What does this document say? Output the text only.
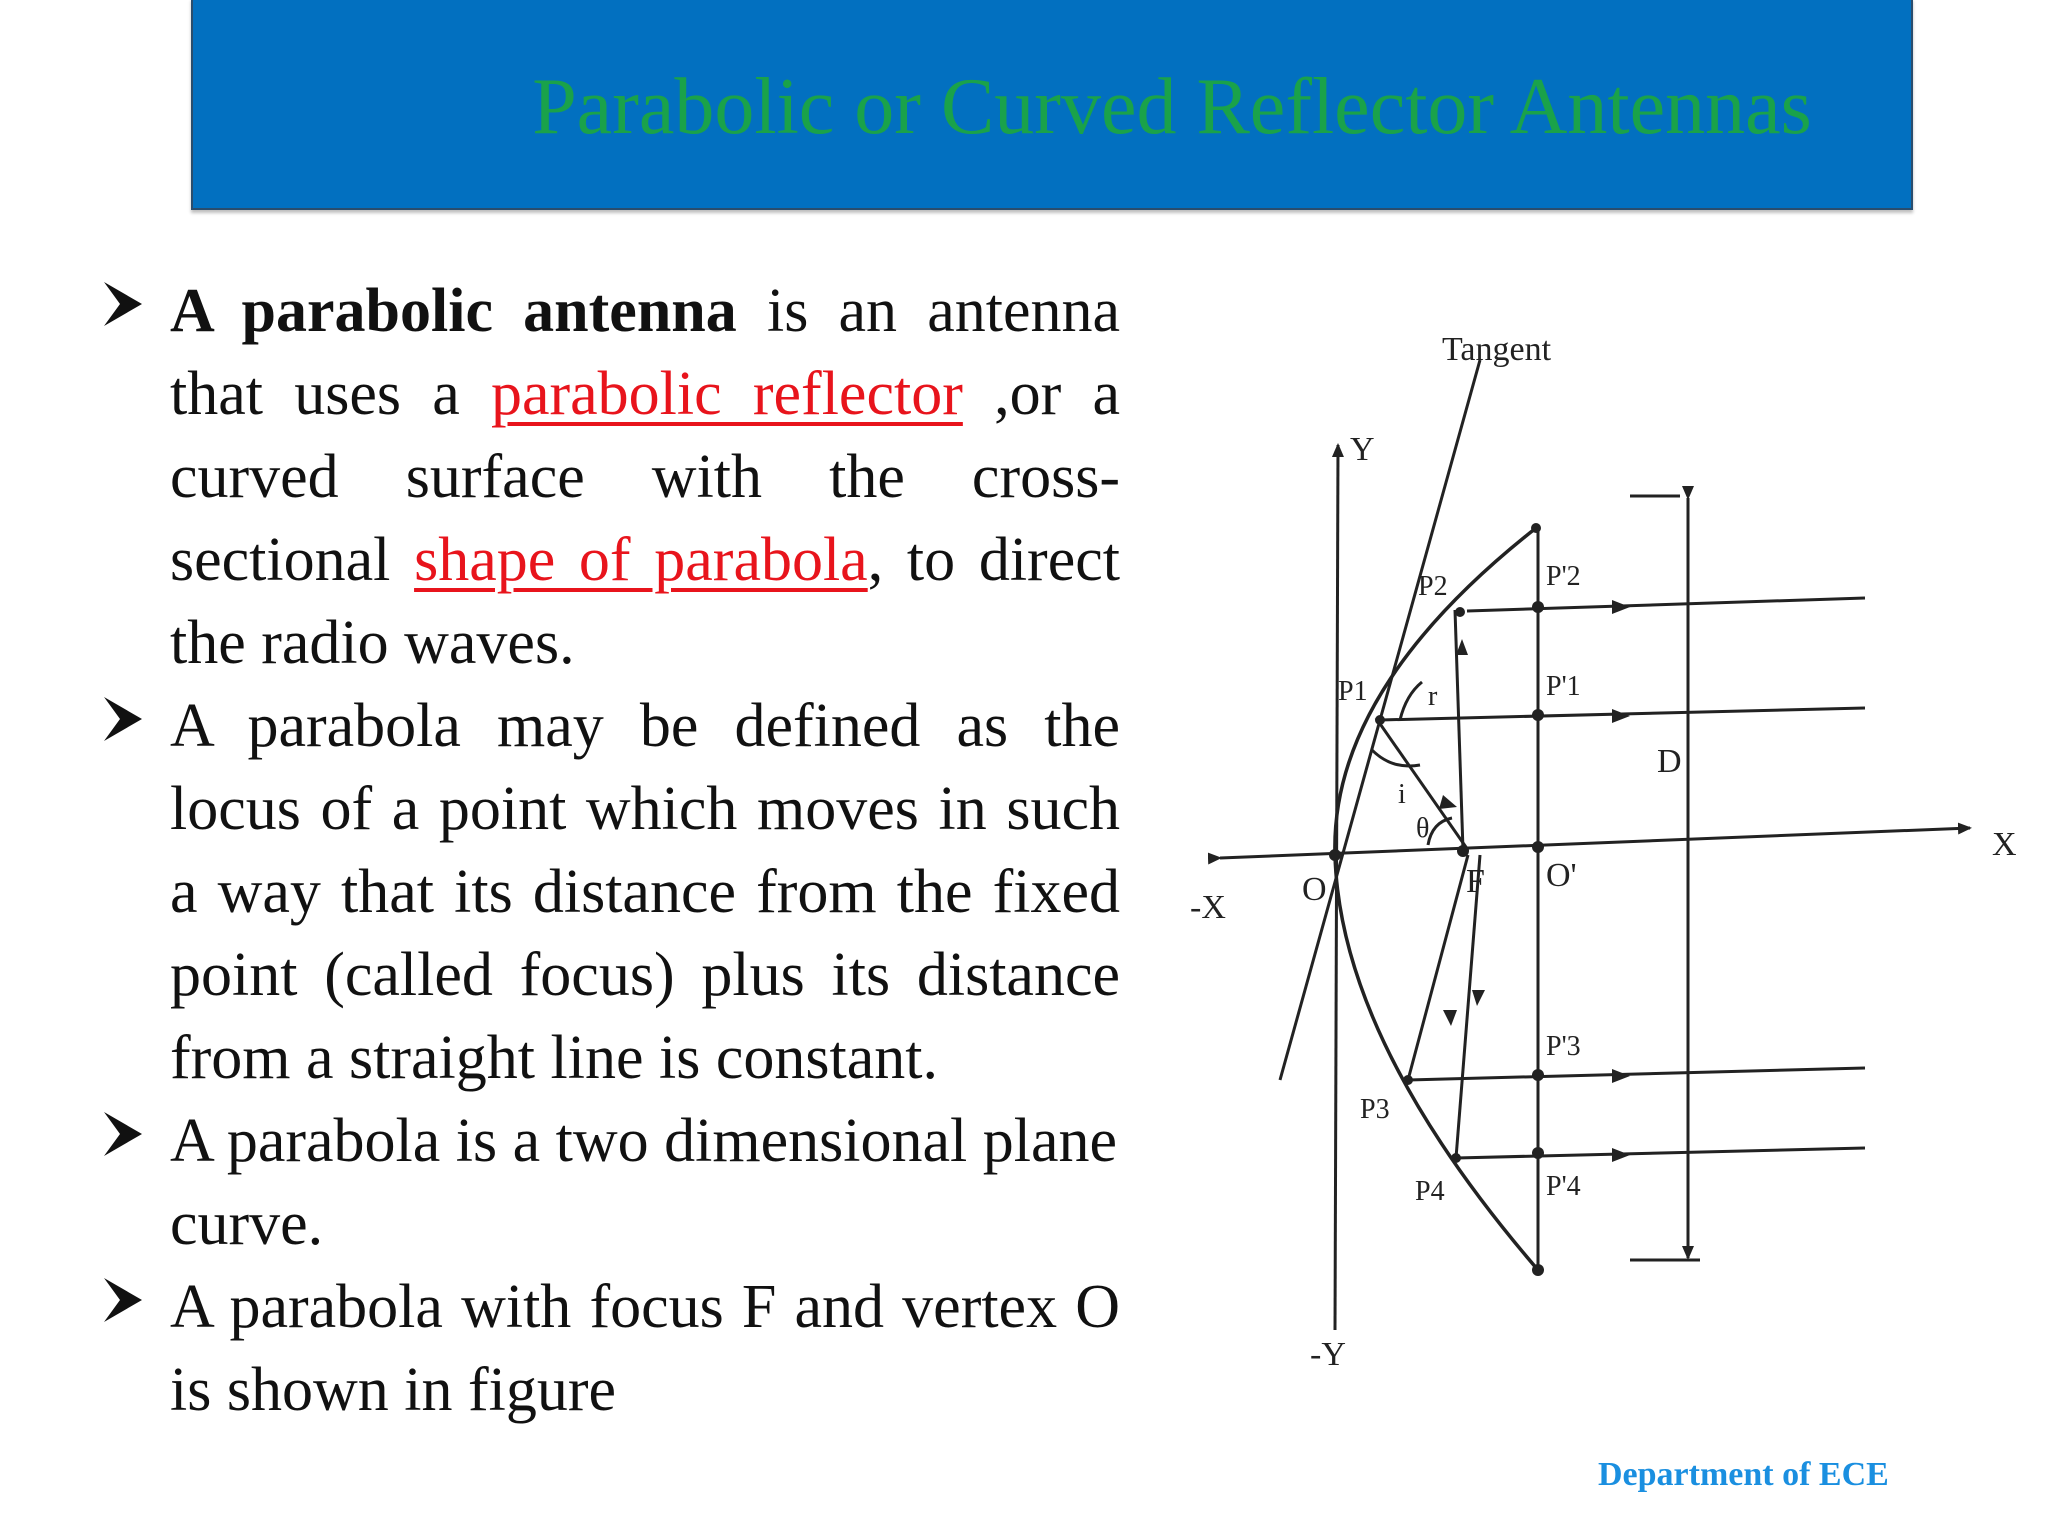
Parabolic or Curved Reflector Antennas
A parabolic antenna is an antenna that uses a parabolic reflector ,or a curved surface with the cross-sectional shape of parabola, to direct the radio waves.
A parabola may be defined as the locus of a point which moves in such a way that its distance from the fixed point (called focus) plus its distance from a straight line is constant.
A parabola is a two dimensional plane curve.
A parabola with focus F and vertex O is shown in figure
Tangent
Y
-Y
X
-X O	F O'
D
P1
P2
P3
P4
P'2
P'1
P'3
P'4
r
i
θ
Department of ECE
